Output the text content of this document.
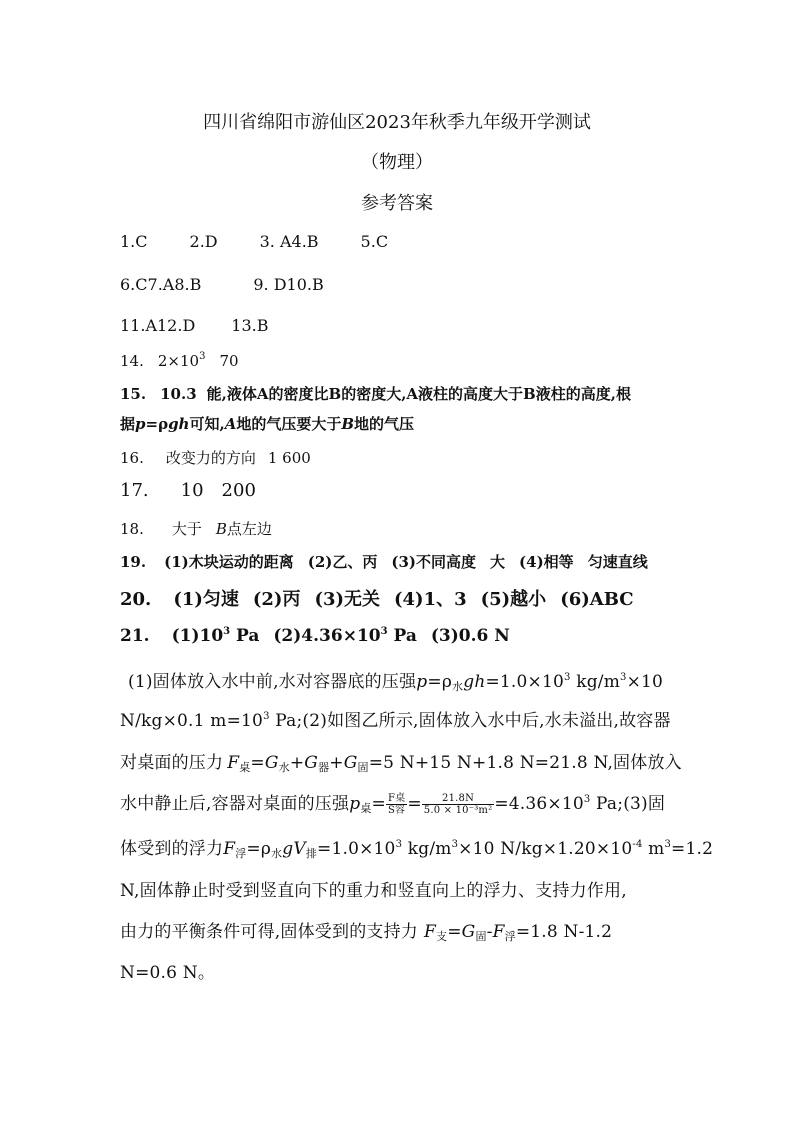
四川省绵阳市游仙区2023年秋季九年级开学测试
（物理）
参考答案
1.C	2.D	3. A4.B	5.C
6.C7.A8.B	9. D10.B
11.A12.D 13.B
14. $2\times 10^3$ 70
15. 10.3 能,液体A的密度比B的密度大,A液柱的高度大于B液柱的高度,根
据p=ρgh可知,A地的气压要大于B地的气压
16. 改变力的方向 1 600
17. 10 200
18. 大于 B点左边
19. (1)木块运动的距离 (2)乙、丙 (3)不同高度 大 (4)相等 匀速直线
20. (1)匀速 (2)丙 (3)无关 (4)1、3 (5)越小 (6)ABC
21. $(1)10^3$ Pa $(2)4.36\times 10^3$ Pa (3)0.6 N
(1)固体放入水中前,水对容器底的压强$p=\rho_水gh=1.0\times 10^3$ $kg/m^3\times 10$
N/kg×0.1 $m=10^3$ Pa;(2)如图乙所示,固体放入水中后,水未溢出,故容器
对桌面的压力 $F_桌=G_水+G_器+G_固=5$ N+15 N+1.8 N=21.8 N,固体放入
水中静止后,容器对桌面的压强$p_桌= \frac{\text{F桌}}{\text{S容}} = \frac{21.8N}{\text{5.0 × 10⁻³m²}} =4.36\times 10^3$ Pa;(3)固
体受到的浮力$F_浮=\rho_水gV_排=1.0\times 10^3$ $kg/m^3\times 10$ $N/kg\times 1.20\times 10^{-4}$ $m^3=1.2$
N,固体静止时受到竖直向下的重力和竖直向上的浮力、支持力作用,
由力的平衡条件可得,固体受到的支持力 $F_支=G_固-F_浮=1.8$ N-1.2
N=0.6 N。
